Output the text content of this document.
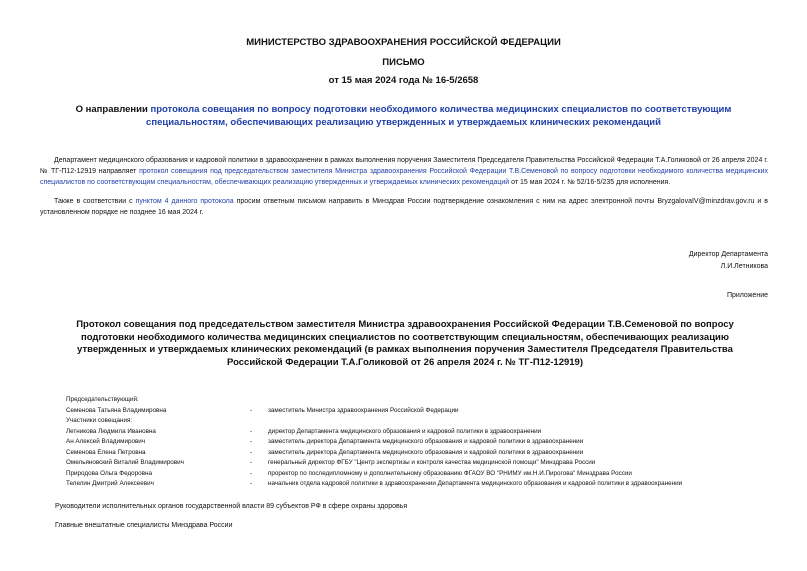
МИНИСТЕРСТВО ЗДРАВООХРАНЕНИЯ РОССИЙСКОЙ ФЕДЕРАЦИИ
ПИСЬМО
от 15 мая 2024 года № 16-5/2658
О направлении протокола совещания по вопросу подготовки необходимого количества медицинских специалистов по соответствующим специальностям, обеспечивающих реализацию утвержденных и утверждаемых клинических рекомендаций
Департамент медицинского образования и кадровой политики в здравоохранении в рамках выполнения поручения Заместителя Председателя Правительства Российской Федерации Т.А.Голиковой от 26 апреля 2024 г. № ТГ-П12-12919 направляет протокол совещания под председательством заместителя Министра здравоохранения Российской Федерации Т.В.Семеновой по вопросу подготовки необходимого количества медицинских специалистов по соответствующим специальностям, обеспечивающих реализацию утвержденных и утверждаемых клинических рекомендаций от 15 мая 2024 г. № 52/16-5/235 для исполнения.
Также в соответствии с пунктом 4 данного протокола просим ответным письмом направить в Минздрав России подтверждение ознакомления с ним на адрес электронной почты BryzgalovaIV@minzdrav.gov.ru и в установленном порядке не позднее 16 мая 2024 г.
Директор Департамента
Л.И.Летникова
Приложение
Протокол совещания под председательством заместителя Министра здравоохранения Российской Федерации Т.В.Семеновой по вопросу подготовки необходимого количества медицинских специалистов по соответствующим специальностям, обеспечивающих реализацию утвержденных и утверждаемых клинических рекомендаций (в рамках выполнения поручения Заместителя Председателя Правительства Российской Федерации Т.А.Голиковой от 26 апреля 2024 г. № ТГ-П12-12919)
Председательствующий:
Семенова Татьяна Владимировна	-	заместитель Министра здравоохранения Российской Федерации
Участники совещания:
Летникова Людмила Ивановна	-	директор Департамента медицинского образования и кадровой политики в здравоохранении
Ан Алексей Владимирович	-	заместитель директора Департамента медицинского образования и кадровой политики в здравоохранении
Семенова Елена Петровна	-	заместитель директора Департамента медицинского образования и кадровой политики в здравоохранении
Омельяновский Виталий Владимирович	-	генеральный директор ФГБУ "Центр экспертизы и контроля качества медицинской помощи" Минздрава России
Природова Ольга Федоровна	-	проректор по последипломному и дополнительному образованию ФГАОУ ВО "РНИМУ им.Н.И.Пирогова" Минздрава России
Телелин Дмитрий Алексеевич	-	начальник отдела кадровой политики в здравоохранении Департамента медицинского образования и кадровой политики в здравоохранении
Руководители исполнительных органов государственной власти 89 субъектов РФ в сфере охраны здоровья
Главные внештатные специалисты Минздрава России
